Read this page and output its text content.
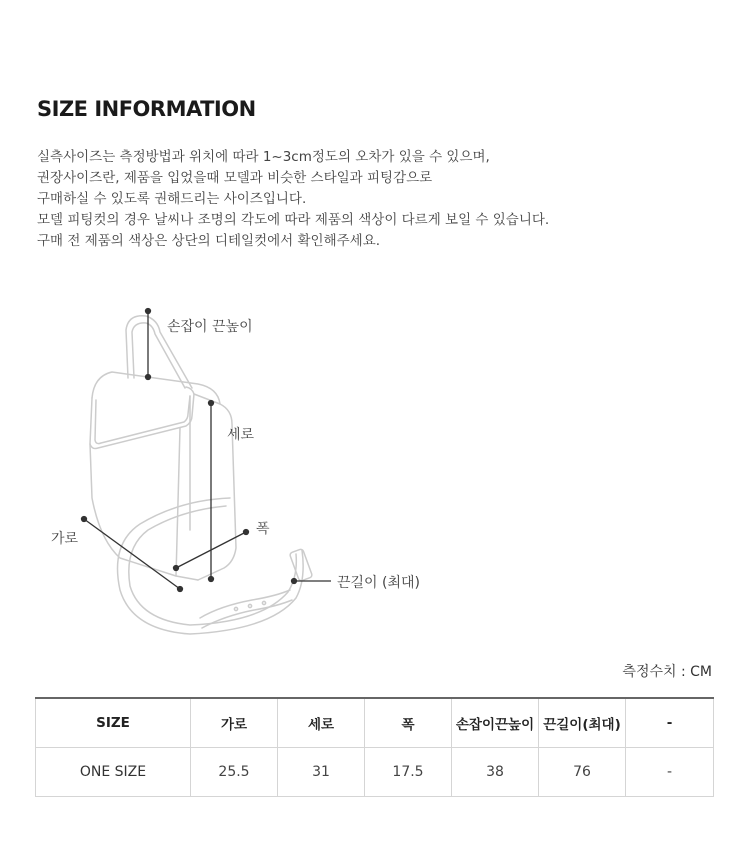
SIZE INFORMATION
실측사이즈는 측정방법과 위치에 따라 1~3cm정도의 오차가 있을 수 있으며,
권장사이즈란, 제품을 입었을때 모델과 비슷한 스타일과 피팅감으로
구매하실 수 있도록 권해드리는 사이즈입니다.
모델 피팅컷의 경우 날씨나 조명의 각도에 따라 제품의 색상이 다르게 보일 수 있습니다.
구매 전 제품의 색상은 상단의 디테일컷에서 확인해주세요.
손잡이 끈높이
세로
폭
가로
끈길이 (최대)
측정수치 : CM
SIZE	가로	세로	폭	손잡이끈높이	끈길이(최대)	-
ONE SIZE	25.5	31	17.5	38	76	-
